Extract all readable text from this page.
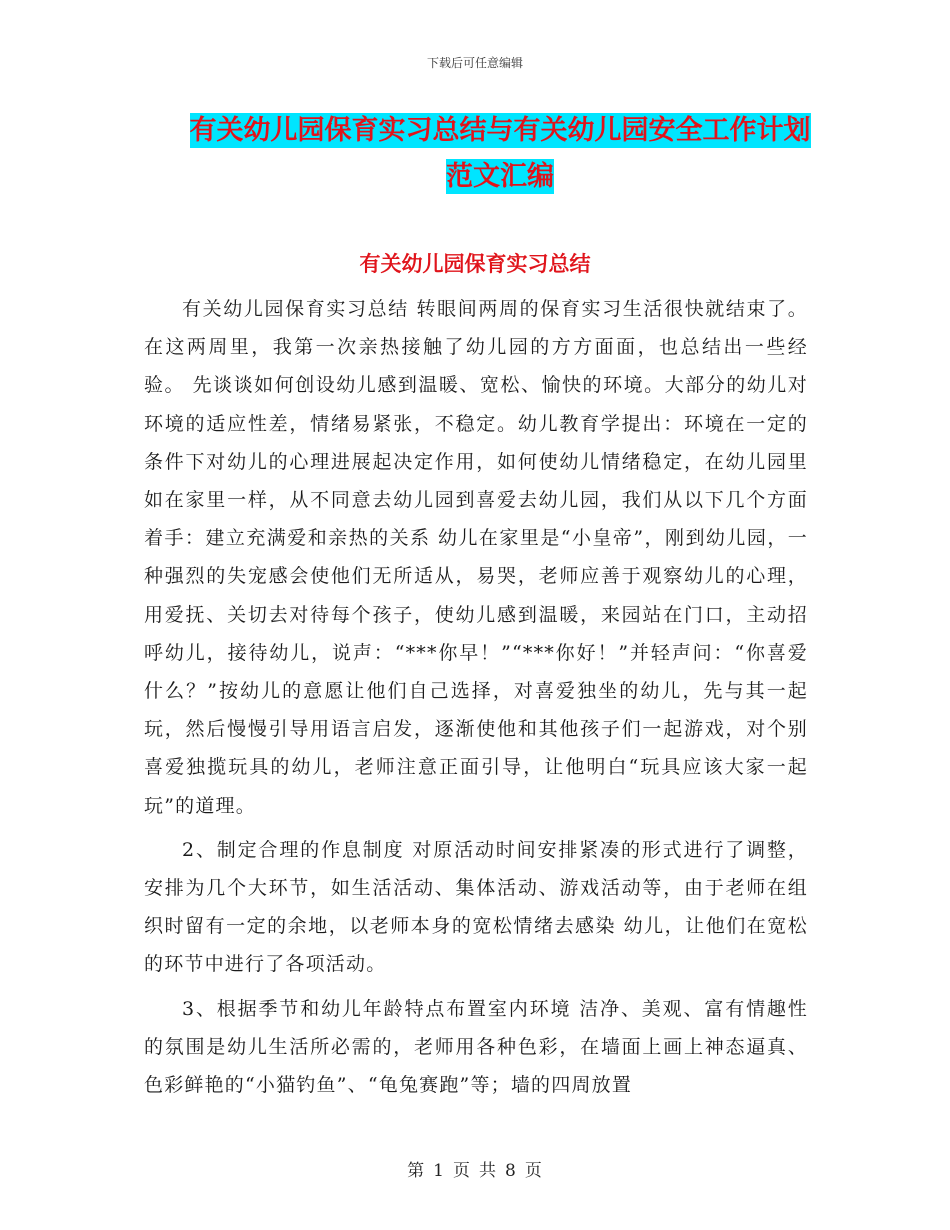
下载后可任意编辑
有关幼儿园保育实习总结与有关幼儿园安全工作计划
范文汇编
有关幼儿园保育实习总结

有关幼儿园保育实习总结 转眼间两周的保育实习生活很快就结束了。在这两周里，我第一次亲热接触了幼儿园的方方面面，也总结出一些经验。 先谈谈如何创设幼儿感到温暖、宽松、愉快的环境。大部分的幼儿对环境的适应性差，情绪易紧张，不稳定。幼儿教育学提出：环境在一定的条件下对幼儿的心理进展起决定作用，如何使幼儿情绪稳定，在幼儿园里如在家里一样，从不同意去幼儿园到喜爱去幼儿园，我们从以下几个方面着手：建立充满爱和亲热的关系 幼儿在家里是“小皇帝”，刚到幼儿园，一种强烈的失宠感会使他们无所适从，易哭，老师应善于观察幼儿的心理，用爱抚、关切去对待每个孩子，使幼儿感到温暖，来园站在门口，主动招呼幼儿，接待幼儿，说声：“***你早！”“***你好！”并轻声问：“你喜爱什么？”按幼儿的意愿让他们自己选择，对喜爱独坐的幼儿，先与其一起玩，然后慢慢引导用语言启发，逐渐使他和其他孩子们一起游戏，对个别喜爱独揽玩具的幼儿，老师注意正面引导，让他明白“玩具应该大家一起玩”的道理。

2、制定合理的作息制度 对原活动时间安排紧凑的形式进行了调整，安排为几个大环节，如生活活动、集体活动、游戏活动等，由于老师在组织时留有一定的余地，以老师本身的宽松情绪去感染 幼儿，让他们在宽松的环节中进行了各项活动。

3、根据季节和幼儿年龄特点布置室内环境 洁净、美观、富有情趣性的氛围是幼儿生活所必需的，老师用各种色彩，在墙面上画上神态逼真、色彩鲜艳的“小猫钓鱼”、“龟兔赛跑”等；墙的四周放置

第 1 页 共 8 页
